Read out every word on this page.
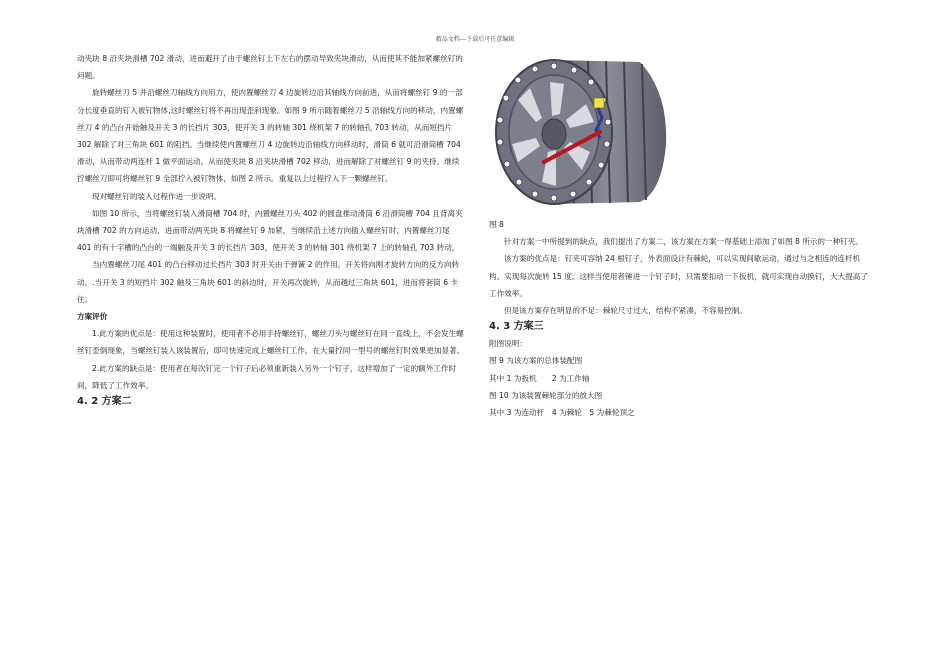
精品文档---下载后可任意编辑

动夹块 8 沿夹块滑槽 702 滑动，进而避开了由于螺丝钉上下左右的摆动导致夹块滑动，从而使其不能加紧螺丝钉的问题。

旋转螺丝刀 5 并沿螺丝刀轴线方向用力，使内置螺丝刀 4 边旋转边沿其轴线方向前进，从而将螺丝钉 9 的一部分长度垂直的钉入被钉物体,这时螺丝钉将不再出现歪斜现象。如图 9 所示随着螺丝刀 5 沿轴线方向的移动，内置螺丝刀 4 的凸台开始触及开关 3 的长挡片 303，使开关 3 的转轴 301 绕机架 7 的转轴孔 703 转动，从而短挡片 302 解除了对三角块 601 的阻挡。当继续使内置螺丝刀 4 边旋转边沿轴线方向移动时，滑筒 6 就可沿滑筒槽 704 滑动，从而带动两连杆 1 做平面运动，从而使夹块 8 沿夹块滑槽 702 移动，进而解除了对螺丝钉 9 的夹持。继续拧螺丝刀即可将螺丝钉 9 全部拧入被钉物体，如图 2 所示。重复以上过程拧入下一颗螺丝钉。

现对螺丝钉的装入过程作进一步说明。

如图 10 所示，当将螺丝钉装入滑筒槽 704 时，内置螺丝刀头 402 的圆盘推动滑筒 6 沿滑筒槽 704 且背离夹块滑槽 702 的方向运动，进而带动两夹块 8 将螺丝钉 9 加紧，当继续沿上述方向插入螺丝钉时，内置螺丝刀尾 401 的有十字槽的凸台的一端触及开关 3 的长挡片 303，使开关 3 的转轴 301 绕机架 7 上的转轴孔 703 转动，

当内置螺丝刀尾 401 的凸台移动过长挡片 303 时开关由于弹簧 2 的作用，开关将向刚才旋转方向的反方向转动，.当开关 3 的短挡片 302 触及三角块 601 的斜边时，开关再次旋转，从而越过三角块 601，进而将套筒 6 卡住。

方案评价

1.此方案的优点是：使用这种装置时，使用者不必用手持螺丝钉，螺丝刀头与螺丝钉在同一直线上，不会发生螺丝钉歪倒现象，当螺丝钉装入该装置后，即可快速完成上螺丝钉工作，在大量拧同一型号的螺丝钉时效果更加显著。

2.此方案的缺点是：使用者在每次钉完一个钉子后必须重新装入另外一个钉子，这样增加了一定的额外工作时间，降低了工作效率。

4. 2 方案二

图 8

针对方案一中所提到的缺点，我们提出了方案二，该方案在方案一得基础上添加了如图 8 所示的一种钉夹。

该方案的优点是：钉夹可容纳 24 根钉子，外表面设计有棘轮，可以实现间歇运动，通过与之相连的连杆机构。实现每次旋转 15 度。这样当使用者锤进一个钉子时，只需要扣动一下扳机，就可实现自动换钉，大大提高了工作效率。

但是该方案存在明显的不足：棘轮尺寸过大，结构不紧凑，不容易控制。

4. 3 方案三

附图说明：

图 9 为该方案的总体装配图

其中 1 为扳机　　2 为工作轴

图 10 为该装置棘轮部分的放大图

其中 3 为连动杆　4 为棘轮　5 为棘轮顶之
